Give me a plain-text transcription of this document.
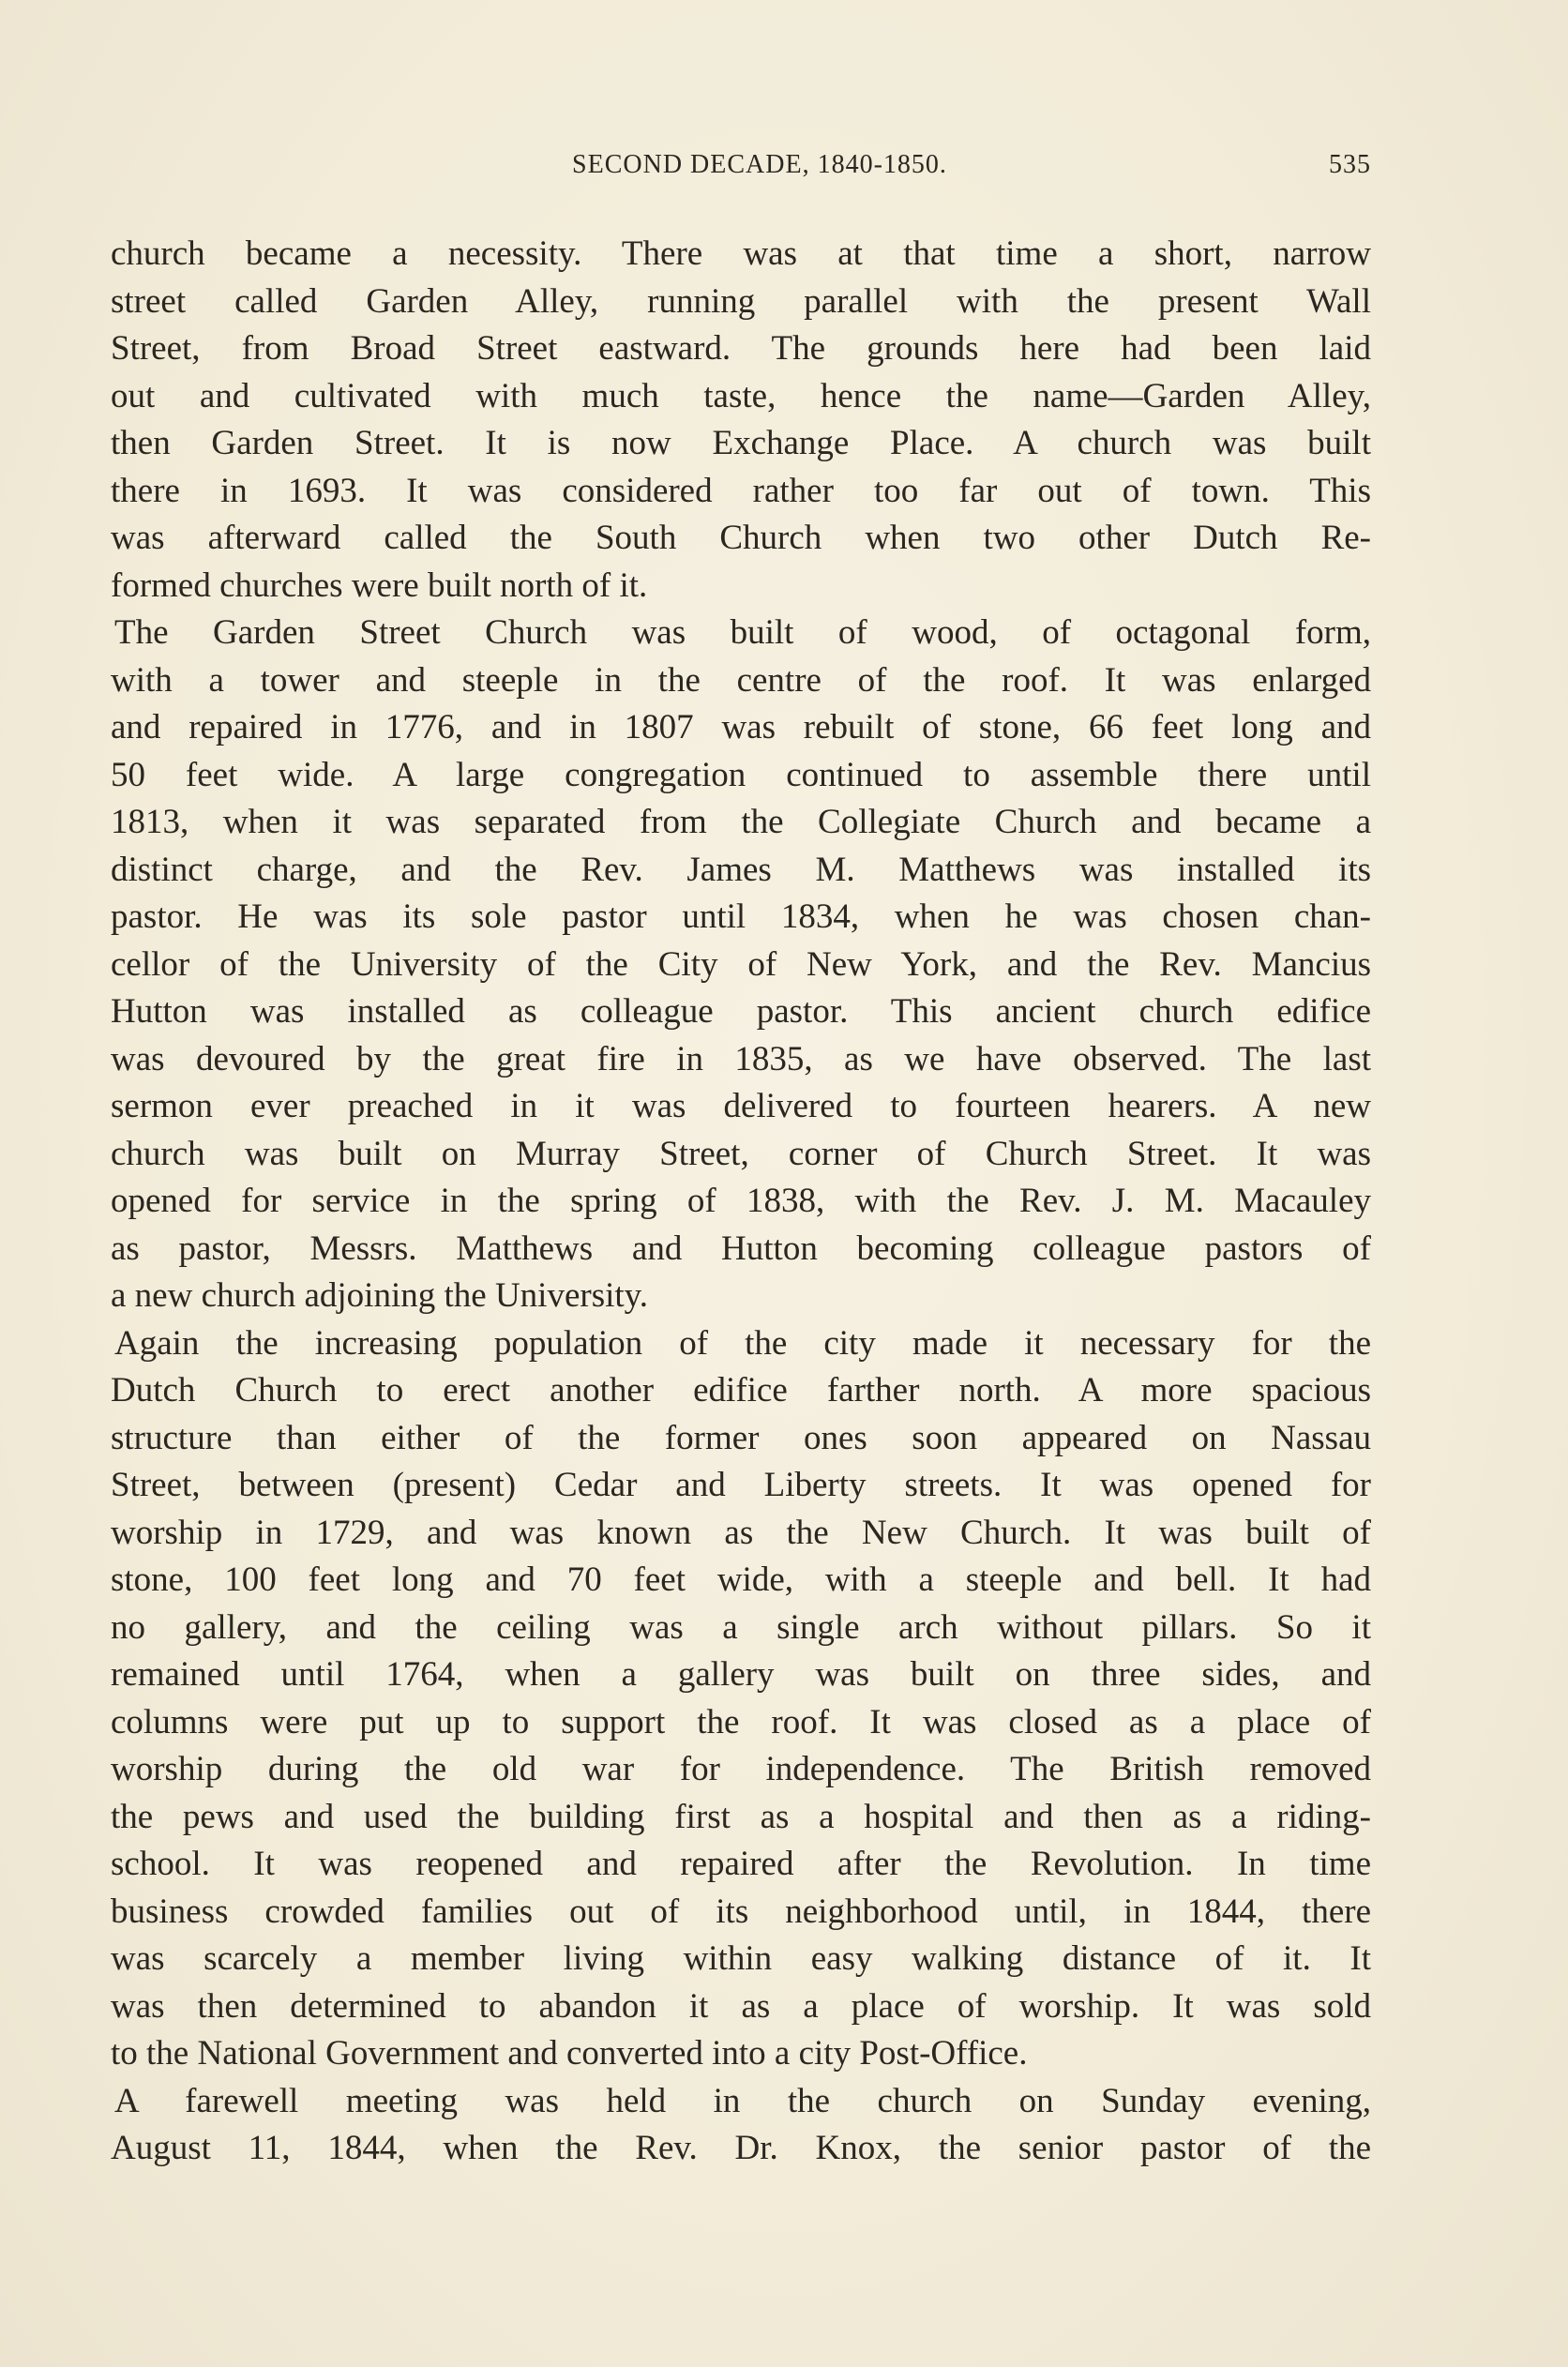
SECOND DECADE, 1840-1850.	535
church became a necessity. There was at that time a short, narrow
street called Garden Alley, running parallel with the present Wall
Street, from Broad Street eastward. The grounds here had been laid
out and cultivated with much taste, hence the name—Garden Alley,
then Garden Street. It is now Exchange Place. A church was built
there in 1693. It was considered rather too far out of town. This
was afterward called the South Church when two other Dutch Re-
formed churches were built north of it.
The Garden Street Church was built of wood, of octagonal form,
with a tower and steeple in the centre of the roof. It was enlarged
and repaired in 1776, and in 1807 was rebuilt of stone, 66 feet long and
50 feet wide. A large congregation continued to assemble there until
1813, when it was separated from the Collegiate Church and became a
distinct charge, and the Rev. James M. Matthews was installed its
pastor. He was its sole pastor until 1834, when he was chosen chan-
cellor of the University of the City of New York, and the Rev. Mancius
Hutton was installed as colleague pastor. This ancient church edifice
was devoured by the great fire in 1835, as we have observed. The last
sermon ever preached in it was delivered to fourteen hearers. A new
church was built on Murray Street, corner of Church Street. It was
opened for service in the spring of 1838, with the Rev. J. M. Macauley
as pastor, Messrs. Matthews and Hutton becoming colleague pastors of
a new church adjoining the University.
Again the increasing population of the city made it necessary for the
Dutch Church to erect another edifice farther north. A more spacious
structure than either of the former ones soon appeared on Nassau
Street, between (present) Cedar and Liberty streets. It was opened for
worship in 1729, and was known as the New Church. It was built of
stone, 100 feet long and 70 feet wide, with a steeple and bell. It had
no gallery, and the ceiling was a single arch without pillars. So it
remained until 1764, when a gallery was built on three sides, and
columns were put up to support the roof. It was closed as a place of
worship during the old war for independence. The British removed
the pews and used the building first as a hospital and then as a riding-
school. It was reopened and repaired after the Revolution. In time
business crowded families out of its neighborhood until, in 1844, there
was scarcely a member living within easy walking distance of it. It
was then determined to abandon it as a place of worship. It was sold
to the National Government and converted into a city Post-Office.
A farewell meeting was held in the church on Sunday evening,
August 11, 1844, when the Rev. Dr. Knox, the senior pastor of the
